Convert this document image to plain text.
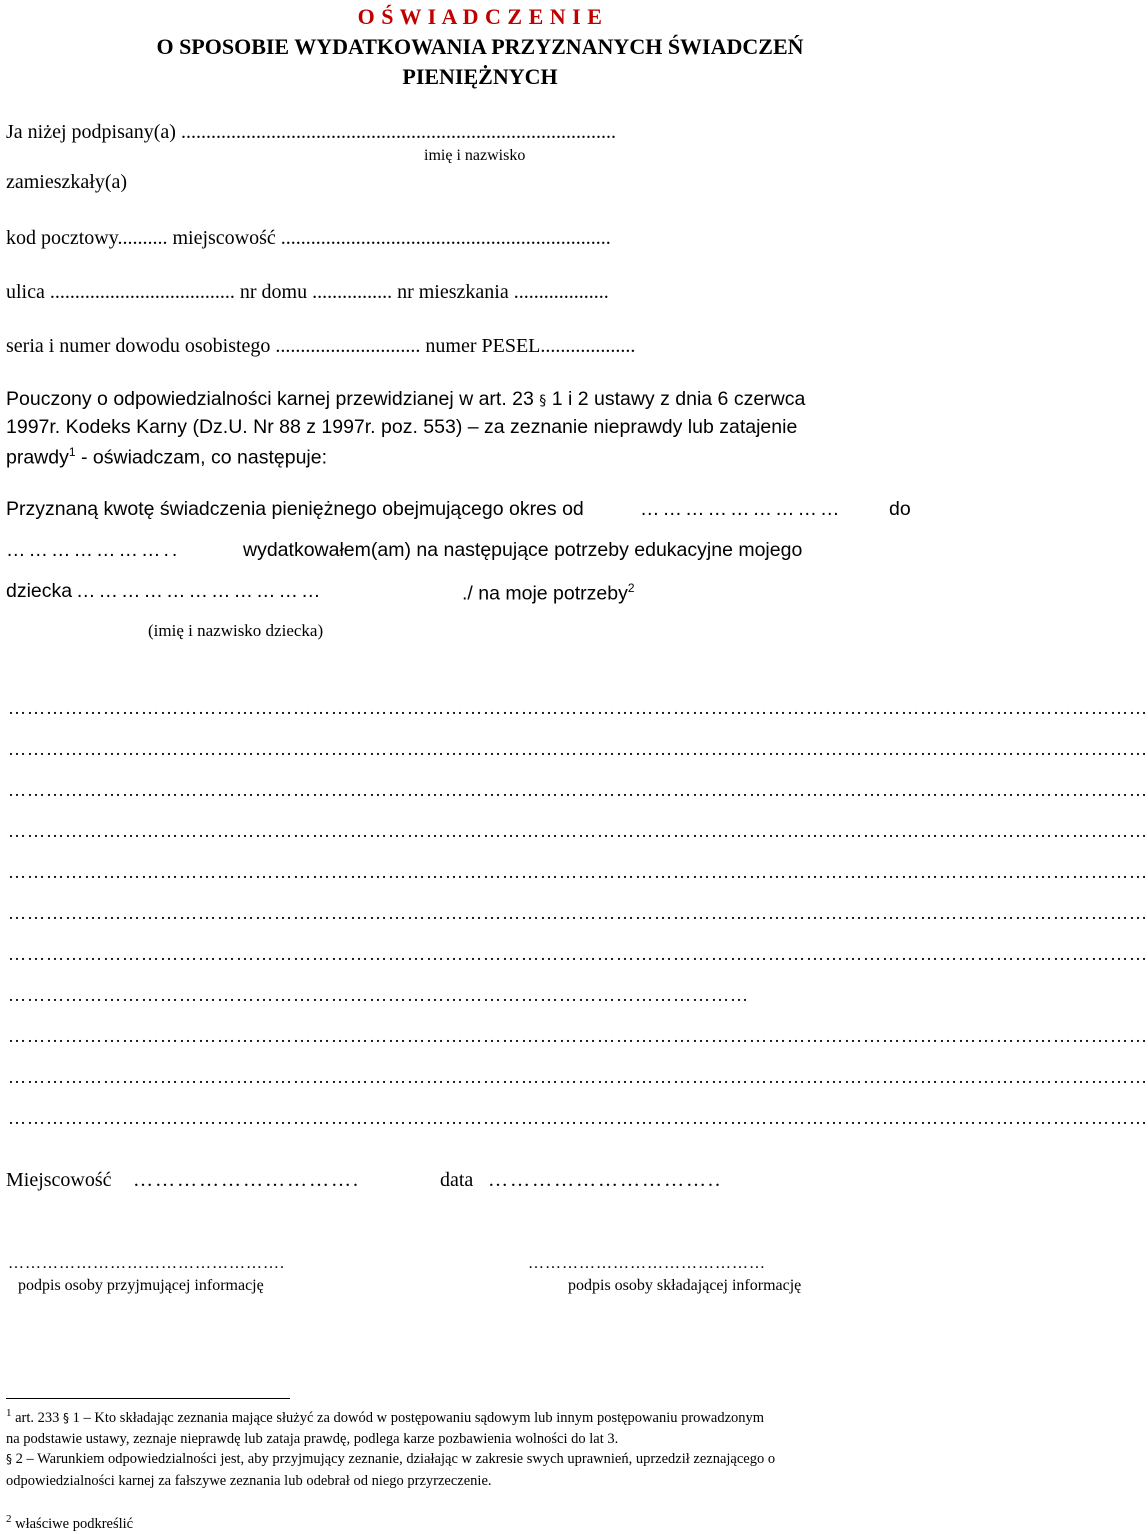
O Ś W I A D C Z E N I E
O SPOSOBIE WYDATKOWANIA PRZYZNANYCH ŚWIADCZEŃ
PIENIĘŻNYCH
Ja niżej podpisany(a) .......................................................................................
imię i nazwisko
zamieszkały(a)
kod pocztowy.......... miejscowość ..................................................................
ulica ..................................... nr domu ................ nr mieszkania ...................
seria i numer dowodu osobistego ............................. numer PESEL...................
Pouczony o odpowiedzialności karnej przewidzianej w art. 23 § 1 i 2 ustawy z dnia 6 czerwca
1997r. Kodeks Karny (Dz.U. Nr 88 z 1997r. poz. 553) – za zeznanie nieprawdy lub zatajenie
prawdy$^1$ - oświadczam, co następuje:
Przyznaną kwotę świadczenia pieniężnego obejmującego okres od	……………………… do
…………………..	wydatkowałem(am) na następujące potrzeby edukacyjne mojego
dziecka ……………………………	./ na moje potrzeby$^2$
(imię i nazwisko dziecka)
………………………………………………………………………………………………………………………………………………………………
………………………………………………………………………………………………………………………………………………………………
………………………………………………………………………………………………………………………………………………………………
………………………………………………………………………………………………………………………………………………………………
………………………………………………………………………………………………………………………………………………………………
………………………………………………………………………………………………………………………………………………………………
………………………………………………………………………………………………………………………………………………………………
………………………………………………………………………………………………………
………………………………………………………………………………………………………………………………………………………………
………………………………………………………………………………………………………………………………………………………………
………………………………………………………………………………………………………………………………………………………………
Miejscowość ………………………….	data …………………………..
………………………………………….	……………………………………
podpis osoby przyjmującej informację	podpis osoby składającej informację
$^1$ art. 233 § 1 – Kto składając zeznania mające służyć za dowód w postępowaniu sądowym lub innym postępowaniu prowadzonym
na podstawie ustawy, zeznaje nieprawdę lub zataja prawdę, podlega karze pozbawienia wolności do lat 3.
§ 2 – Warunkiem odpowiedzialności jest, aby przyjmujący zeznanie, działając w zakresie swych uprawnień, uprzedził zeznającego o
odpowiedzialności karnej za fałszywe zeznania lub odebrał od niego przyrzeczenie.
$^2$ właściwe podkreślić
